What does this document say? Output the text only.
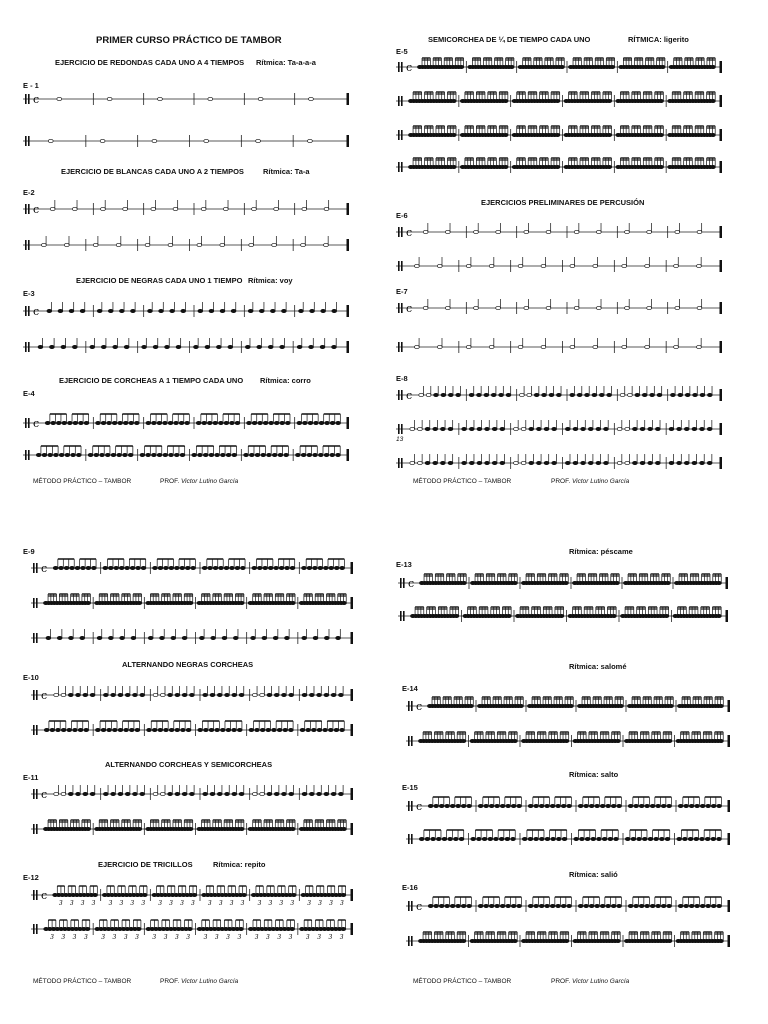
PRIMER CURSO PRÁCTICO DE TAMBOR
EJERCICIO DE REDONDAS CADA UNO A 4 TIEMPOS Rítmica: Ta-a-a-a
E - 1
c
EJERCICIO DE BLANCAS CADA UNO A 2 TIEMPOS	Rítmica: Ta-a
E-2
c
EJERCICIO DE NEGRAS CADA UNO 1 TIEMPO Rítmica: voy
E-3
c
EJERCICIO DE CORCHEAS A 1 TIEMPO CADA UNO Rítmica: corro
E-4
c
MÉTODO PRÁCTICO – TAMBOR	PROF. Victor Lutino García
SEMICORCHEA DE ¼ DE TIEMPO CADA UNO	RÍTMICA: ligerito
E-5
c
EJERCICIOS PRELIMINARES DE PERCUSIÓN
E-6
c
E-7
c
E-8
c
13
MÉTODO PRÁCTICO – TAMBOR	PROF. Victor Lutino García
E-9
c
ALTERNANDO NEGRAS CORCHEAS
E-10
c
ALTERNANDO CORCHEAS Y SEMICORCHEAS
E-11
c
EJERCICIO DE TRICILLOS	Rítmica: repito
E-12
c
3 3 3 3 3 3 3 3 3 3 3 3 3 3 3 3 3 3 3 3 3 3 3 3
3 3 3 3 3 3 3 3 3 3 3 3 3 3 3 3 3 3 3 3 3 3 3 3
MÉTODO PRÁCTICO – TAMBOR	PROF. Victor Lutino García
Rítmica: péscame
E-13
c
Rítmica: salomé
E-14
c
Rítmica: salto
E-15
c
Rítmica: salió
E-16
c
MÉTODO PRÁCTICO – TAMBOR	PROF. Victor Lutino García
